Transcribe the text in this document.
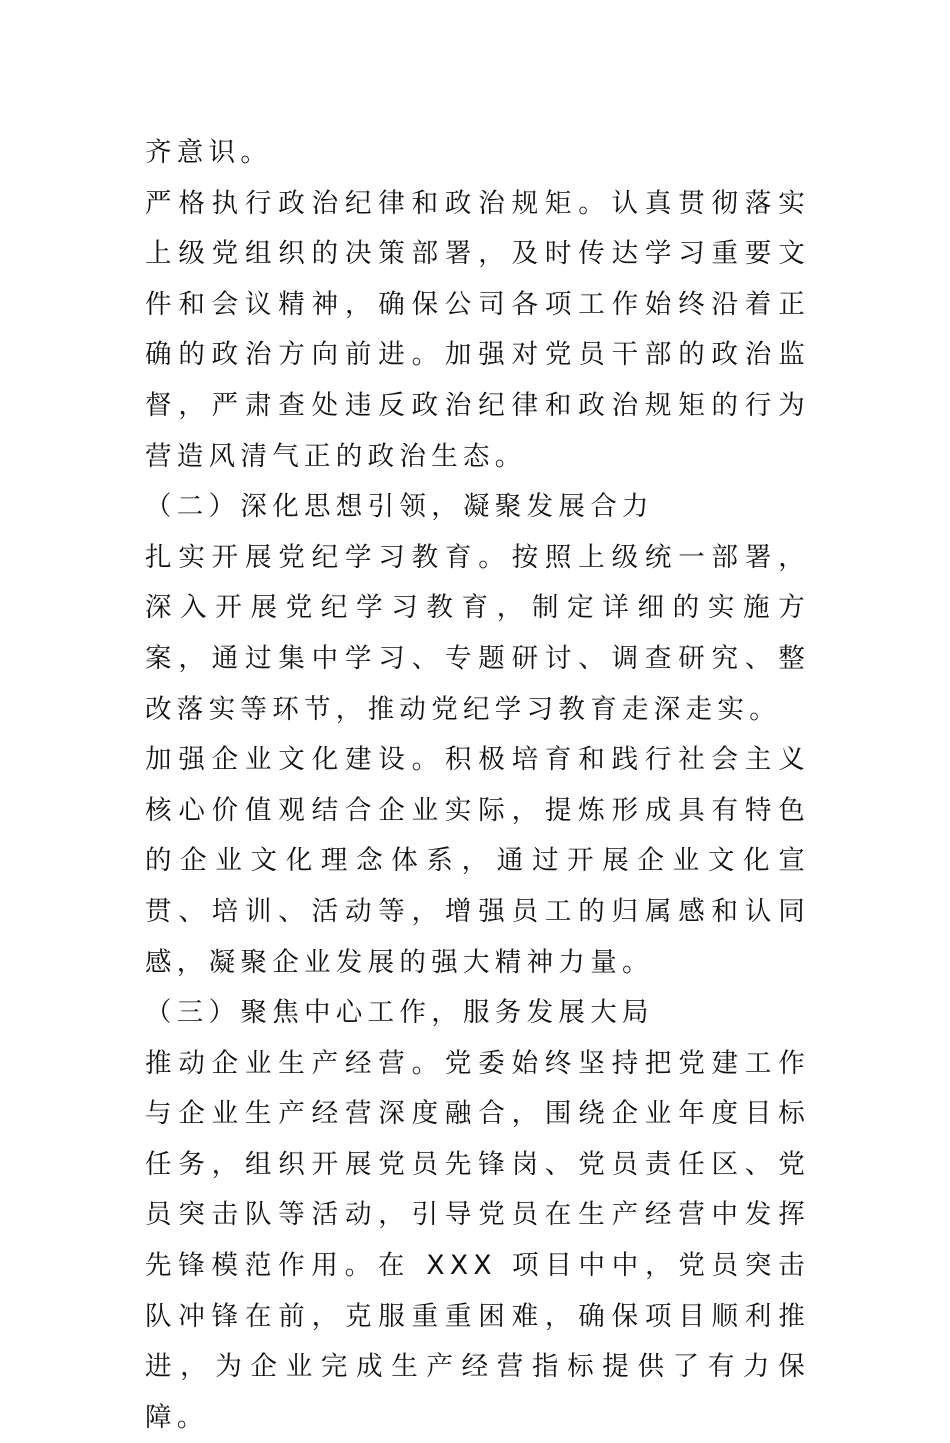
齐意识。

严格执行政治纪律和政治规矩。认真贯彻落实上级党组织的决策部署，及时传达学习重要文件和会议精神，确保公司各项工作始终沿着正确的政治方向前进。加强对党员干部的政治监督，严肃查处违反政治纪律和政治规矩的行为营造风清气正的政治生态。

（二）深化思想引领，凝聚发展合力

扎实开展党纪学习教育。按照上级统一部署，深入开展党纪学习教育，制定详细的实施方案，通过集中学习、专题研讨、调查研究、整改落实等环节，推动党纪学习教育走深走实。

加强企业文化建设。积极培育和践行社会主义核心价值观结合企业实际，提炼形成具有特色的企业文化理念体系，通过开展企业文化宣贯、培训、活动等，增强员工的归属感和认同感，凝聚企业发展的强大精神力量。

（三）聚焦中心工作，服务发展大局

推动企业生产经营。党委始终坚持把党建工作与企业生产经营深度融合，围绕企业年度目标任务，组织开展党员先锋岗、党员责任区、党员突击队等活动，引导党员在生产经营中发挥先锋模范作用。在 XXX 项目中中，党员突击队冲锋在前，克服重重困难，确保项目顺利推进，为企业完成生产经营指标提供了有力保障。
